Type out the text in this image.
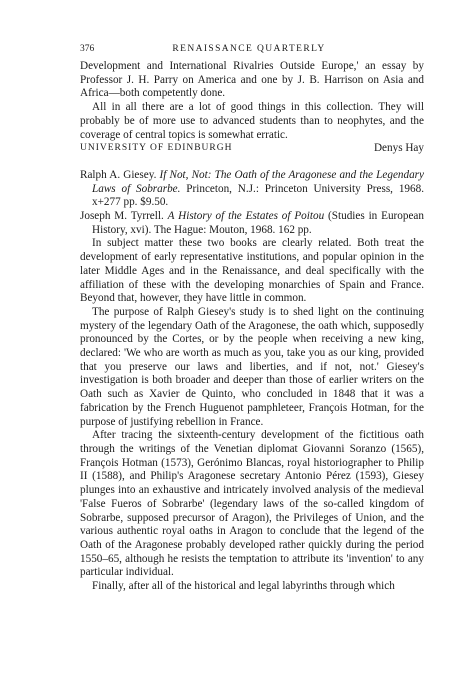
376	RENAISSANCE QUARTERLY

Development and International Rivalries Outside Europe,' an essay by Professor J. H. Parry on America and one by J. B. Harrison on Asia and Africa—both competently done.

All in all there are a lot of good things in this collection. They will probably be of more use to advanced students than to neophytes, and the coverage of central topics is somewhat erratic.

UNIVERSITY OF EDINBURGH	Denys Hay

Ralph A. Giesey. If Not, Not: The Oath of the Aragonese and the Legendary Laws of Sobrarbe. Princeton, N.J.: Princeton University Press, 1968. x+277 pp. $9.50.

Joseph M. Tyrrell. A History of the Estates of Poitou (Studies in European History, xvi). The Hague: Mouton, 1968. 162 pp.

In subject matter these two books are clearly related. Both treat the development of early representative institutions, and popular opinion in the later Middle Ages and in the Renaissance, and deal specifically with the affiliation of these with the developing monarchies of Spain and France. Beyond that, however, they have little in common.

The purpose of Ralph Giesey's study is to shed light on the continuing mystery of the legendary Oath of the Aragonese, the oath which, supposedly pronounced by the Cortes, or by the people when receiving a new king, declared: 'We who are worth as much as you, take you as our king, provided that you preserve our laws and liberties, and if not, not.' Giesey's investigation is both broader and deeper than those of earlier writers on the Oath such as Xavier de Quinto, who concluded in 1848 that it was a fabrication by the French Huguenot pamphleteer, François Hotman, for the purpose of justifying rebellion in France.

After tracing the sixteenth-century development of the fictitious oath through the writings of the Venetian diplomat Giovanni Soranzo (1565), François Hotman (1573), Gerónimo Blancas, royal historiographer to Philip II (1588), and Philip's Aragonese secretary Antonio Pérez (1593), Giesey plunges into an exhaustive and intricately involved analysis of the medieval 'False Fueros of Sobrarbe' (legendary laws of the so-called kingdom of Sobrarbe, supposed precursor of Aragon), the Privileges of Union, and the various authentic royal oaths in Aragon to conclude that the legend of the Oath of the Aragonese probably developed rather quickly during the period 1550–65, although he resists the temptation to attribute its 'invention' to any particular individual.

Finally, after all of the historical and legal labyrinths through which
